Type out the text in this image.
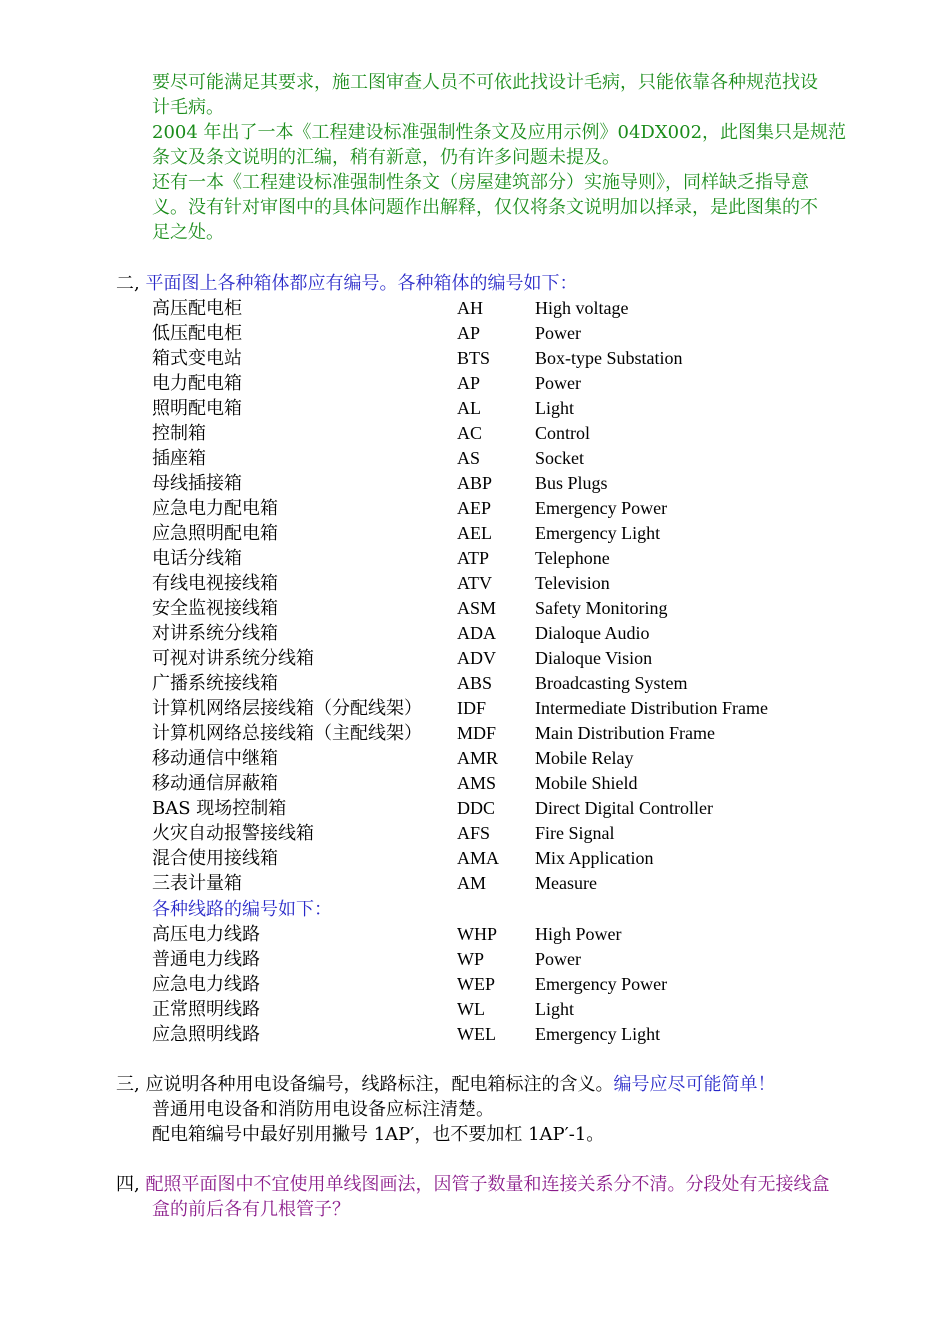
要尽可能满足其要求，施工图审查人员不可依此找设计毛病，只能依靠各种规范找设
计毛病。
2004 年出了一本《工程建设标准强制性条文及应用示例》04DX002，此图集只是规范
条文及条文说明的汇编，稍有新意，仍有许多问题未提及。
还有一本《工程建设标准强制性条文（房屋建筑部分）实施导则》，同样缺乏指导意
义。没有针对审图中的具体问题作出解释，仅仅将条文说明加以择录，是此图集的不
足之处。
二, 平面图上各种箱体都应有编号。各种箱体的编号如下：
高压配电柜	AH	High voltage
低压配电柜	AP	Power
箱式变电站	BTS Box-type Substation
电力配电箱	AP	Power
照明配电箱	AL	Light
控制箱	AC	Control
插座箱	AS	Socket
母线插接箱	ABP Bus Plugs
应急电力配电箱	AEP Emergency Power
应急照明配电箱	AEL Emergency Light
电话分线箱	ATP	Telephone
有线电视接线箱	ATV Television
安全监视接线箱	ASM Safety Monitoring
对讲系统分线箱	ADA Dialoque Audio
可视对讲系统分线箱	ADV Dialoque Vision
广播系统接线箱	ABS Broadcasting System
计算机网络层接线箱（分配线架） IDF	Intermediate Distribution Frame
计算机网络总接线箱（主配线架） MDF Main Distribution Frame
移动通信中继箱	AMR Mobile Relay
移动通信屏蔽箱	AMS Mobile Shield
BAS 现场控制箱	DDC Direct Digital Controller
火灾自动报警接线箱	AFS Fire Signal
混合使用接线箱	AMA Mix Application
三表计量箱	AM	Measure
各种线路的编号如下：
高压电力线路	WHP High Power
普通电力线路	WP	Power
应急电力线路	WEP Emergency Power
正常照明线路	WL	Light
应急照明线路	WEL Emergency Light
三, 应说明各种用电设备编号，线路标注，配电箱标注的含义。编号应尽可能简单！
普通用电设备和消防用电设备应标注清楚。
配电箱编号中最好别用撇号 1AP′，也不要加杠 1AP′-1。
四, 配照平面图中不宜使用单线图画法，因管子数量和连接关系分不清。分段处有无接线盒
盒的前后各有几根管子？
